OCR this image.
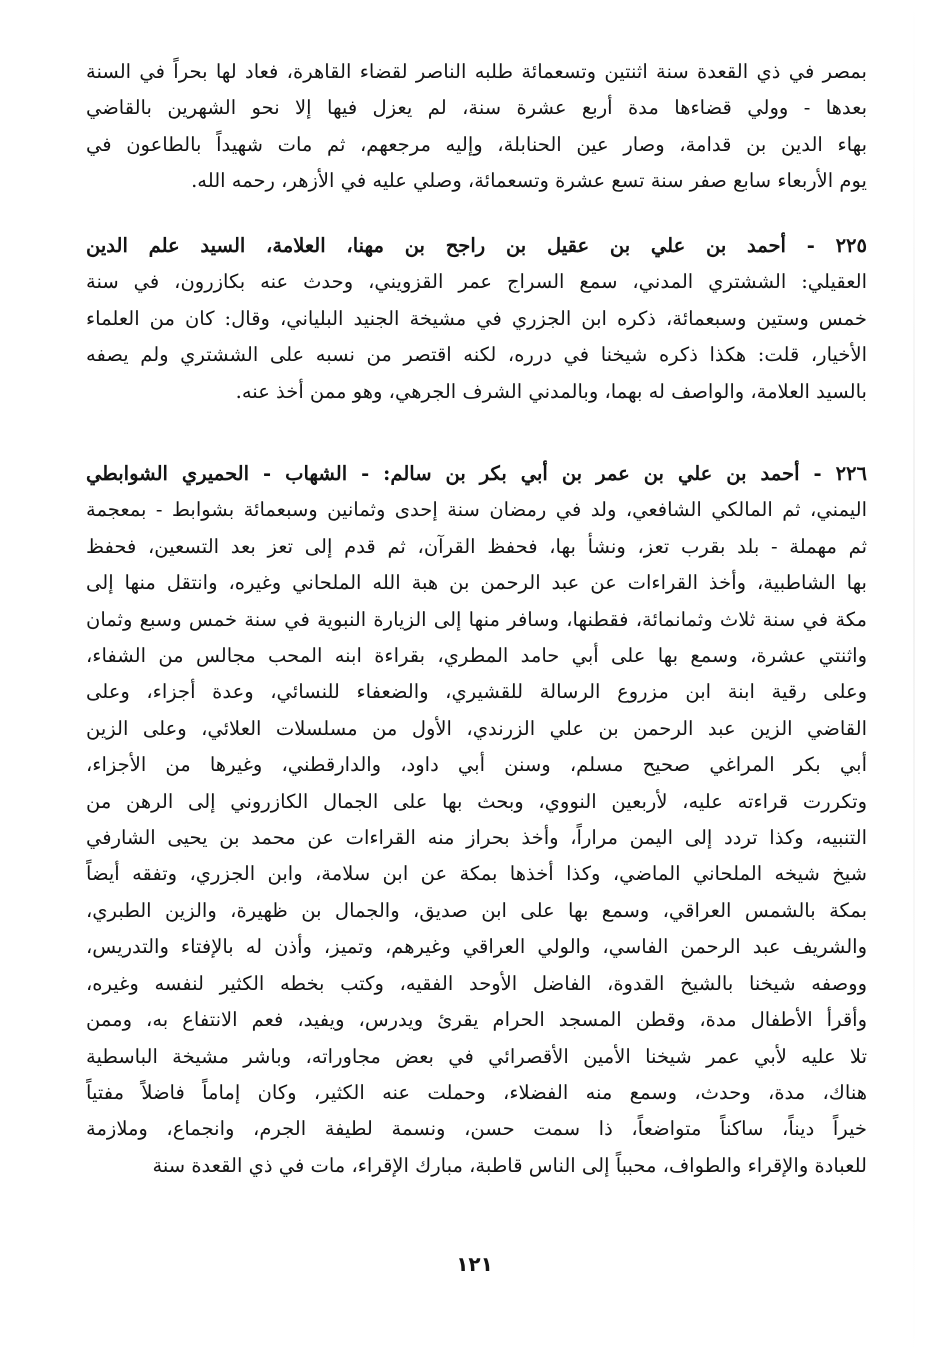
بمصر في ذي القعدة سنة اثنتين وتسعمائة طلبه الناصر لقضاء القاهرة، فعاد لها بحراً في السنة
بعدها - وولي قضاءها مدة أربع عشرة سنة، لم يعزل فيها إلا نحو الشهرين بالقاضي
بهاء الدين بن قدامة، وصار عين الحنابلة، وإليه مرجعهم، ثم مات شهيداً بالطاعون في
يوم الأربعاء سابع صفر سنة تسع عشرة وتسعمائة، وصلي عليه في الأزهر، رحمه الله.
٢٢٥ - أحمد بن علي بن عقيل بن راجح بن مهنا، العلامة، السيد علم الدين
العقيلي: الششتري المدني، سمع السراج عمر القزويني، وحدث عنه بكازرون، في سنة
خمس وستين وسبعمائة، ذكره ابن الجزري في مشيخة الجنيد البلياني، وقال: كان من العلماء
الأخيار، قلت: هكذا ذكره شيخنا في درره، لكنه اقتصر من نسبه على الششتري ولم يصفه
بالسيد العلامة، والواصف له بهما، وبالمدني الشرف الجرهي، وهو ممن أخذ عنه.
٢٢٦ - أحمد بن علي بن عمر بن أبي بكر بن سالم: - الشهاب - الحميري الشوابطي
اليمني، ثم المالكي الشافعي، ولد في رمضان سنة إحدى وثمانين وسبعمائة بشوابط - بمعجمة
ثم مهملة - بلد بقرب تعز، ونشأ بها، فحفظ القرآن، ثم قدم إلى تعز بعد التسعين، فحفظ
بها الشاطبية، وأخذ القراءات عن عبد الرحمن بن هبة الله الملحاني وغيره، وانتقل منها إلى
مكة في سنة ثلاث وثمانمائة، فقطنها، وسافر منها إلى الزيارة النبوية في سنة خمس وسبع وثمان
واثنتي عشرة، وسمع بها على أبي حامد المطري، بقراءة ابنه المحب مجالس من الشفاء،
وعلى رقية ابنة ابن مزروع الرسالة للقشيري، والضعفاء للنسائي، وعدة أجزاء، وعلى
القاضي الزين عبد الرحمن بن علي الزرندي، الأول من مسلسلات العلائي، وعلى الزين
أبي بكر المراغي صحيح مسلم، وسنن أبي داود، والدارقطني، وغيرها من الأجزاء،
وتكررت قراءته عليه، لأربعين النووي، وبحث بها على الجمال الكازروني إلى الرهن من
التنبيه، وكذا تردد إلى اليمن مراراً، وأخذ بحراز منه القراءات عن محمد بن يحيى الشارفي
شيخ شيخه الملحاني الماضي، وكذا أخذها بمكة عن ابن سلامة، وابن الجزري، وتفقه أيضاً
بمكة بالشمس العراقي، وسمع بها على ابن صديق، والجمال بن ظهيرة، والزين الطبري،
والشريف عبد الرحمن الفاسي، والولي العراقي وغيرهم، وتميز، وأذن له بالإفتاء والتدريس،
ووصفه شيخنا بالشيخ القدوة، الفاضل الأوحد الفقيه، وكتب بخطه الكثير لنفسه وغيره،
وأقرأ الأطفال مدة، وقطن المسجد الحرام يقرئ ويدرس، ويفيد، فعم الانتفاع به، وممن
تلا عليه لأبي عمر شيخنا الأمين الأقصرائي في بعض مجاوراته، وباشر مشيخة الباسطية
هناك، مدة، وحدث، وسمع منه الفضلاء، وحملت عنه الكثير، وكان إماماً فاضلاً مفتياً
خيراً ديناً، ساكناً متواضعاً، ذا سمت حسن، ونسمة لطيفة الجرم، وانجماع، وملازمة
للعبادة والإقراء والطواف، محبباً إلى الناس قاطبة، مبارك الإقراء، مات في ذي القعدة سنة
١٢١
